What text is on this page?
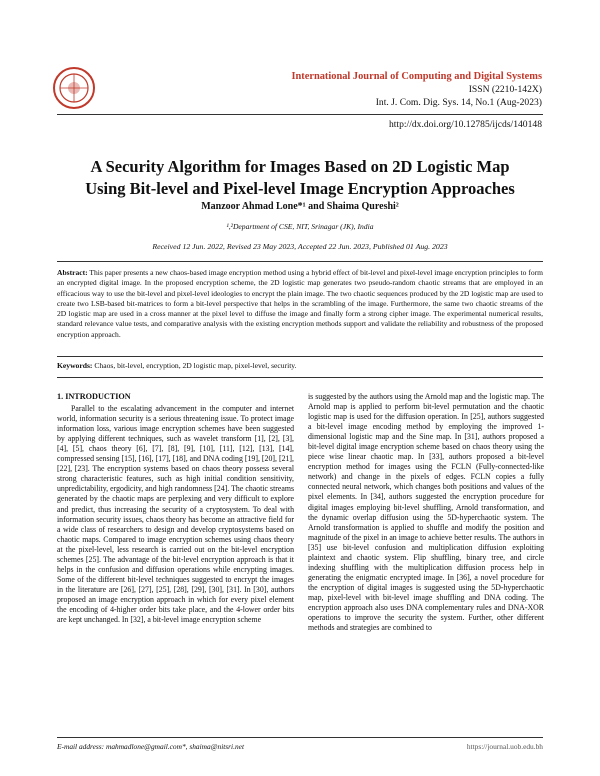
International Journal of Computing and Digital Systems
ISSN (2210-142X)
Int. J. Com. Dig. Sys. 14, No.1 (Aug-2023)
http://dx.doi.org/10.12785/ijcds/140148
A Security Algorithm for Images Based on 2D Logistic Map
Using Bit-level and Pixel-level Image Encryption Approaches
Manzoor Ahmad Lone*¹ and Shaima Qureshi²
¹,²Department of CSE, NIT, Srinagar (JK), India
Received 12 Jun. 2022, Revised 23 May 2023, Accepted 22 Jun. 2023, Published 01 Aug. 2023
Abstract: This paper presents a new chaos-based image encryption method using a hybrid effect of bit-level and pixel-level image encryption principles to form an encrypted digital image. In the proposed encryption scheme, the 2D logistic map generates two pseudo-random chaotic streams that are employed in an efficacious way to use the bit-level and pixel-level ideologies to encrypt the plain image. The two chaotic sequences produced by the 2D logistic map are used to create two LSB-based bit-matrices to form a bit-level perspective that helps in the scrambling of the image. Furthermore, the same two chaotic streams of the 2D logistic map are used in a cross manner at the pixel level to diffuse the image and finally form a strong cipher image. The experimental numerical results, standard relevance value tests, and comparative analysis with the existing encryption methods support and validate the reliability and robustness of the proposed encryption approach.
Keywords: Chaos, bit-level, encryption, 2D logistic map, pixel-level, security.
1. INTRODUCTION
Parallel to the escalating advancement in the computer and internet world, information security is a serious threatening issue. To protect image information loss, various image encryption schemes have been suggested by applying different techniques, such as wavelet transform [1], [2], [3], [4], [5], chaos theory [6], [7], [8], [9], [10], [11], [12], [13], [14], compressed sensing [15], [16], [17], [18], and DNA coding [19], [20], [21], [22], [23]. The encryption systems based on chaos theory possess several strong characteristic features, such as high initial condition sensitivity, unpredictability, ergodicity, and high randomness [24]. The chaotic streams generated by the chaotic maps are perplexing and very difficult to explore and predict, thus increasing the security of a cryptosystem. To deal with information security issues, chaos theory has become an attractive field for a wide class of researchers to design and develop cryptosystems based on chaotic maps. Compared to image encryption schemes using chaos theory at the pixel-level, less research is carried out on the bit-level encryption schemes [25]. The advantage of the bit-level encryption approach is that it helps in the confusion and diffusion operations while encrypting images. Some of the different bit-level techniques suggested to encrypt the images in the literature are [26], [27], [25], [28], [29], [30], [31]. In [30], authors proposed an image encryption approach in which for every pixel element the encoding of 4-higher order bits take place, and the 4-lower order bits are kept unchanged. In [32], a bit-level image encryption scheme
is suggested by the authors using the Arnold map and the logistic map. The Arnold map is applied to perform bit-level permutation and the chaotic logistic map is used for the diffusion operation. In [25], authors suggested a bit-level image encoding method by employing the improved 1-dimensional logistic map and the Sine map. In [31], authors proposed a bit-level digital image encryption scheme based on chaos theory using the piece wise linear chaotic map. In [33], authors proposed a bit-level encryption method for images using the FCLN (Fully-connected-like network) and change in the pixels of edges. FCLN copies a fully connected neural network, which changes both positions and values of the pixel elements. In [34], authors suggested the encryption procedure for digital images employing bit-level shuffling, Arnold transformation, and the dynamic overlap diffusion using the 5D-hyperchaotic system. The Arnold transformation is applied to shuffle and modify the position and magnitude of the pixel in an image to achieve better results. The authors in [35] use bit-level confusion and multiplication diffusion exploiting plaintext and chaotic system. Flip shuffling, binary tree, and circle indexing shuffling with the multiplication diffusion process help in generating the enigmatic encrypted image. In [36], a novel procedure for the encryption of digital images is suggested using the 5D-hyperchaotic map, pixel-level with bit-level image shuffling and DNA coding. The encryption approach also uses DNA complementary rules and DNA-XOR operations to improve the security the system. Further, other different methods and strategies are combined to
E-mail address: mahmadlone@gmail.com*, shaima@nitsri.net	https://journal.uob.edu.bh
